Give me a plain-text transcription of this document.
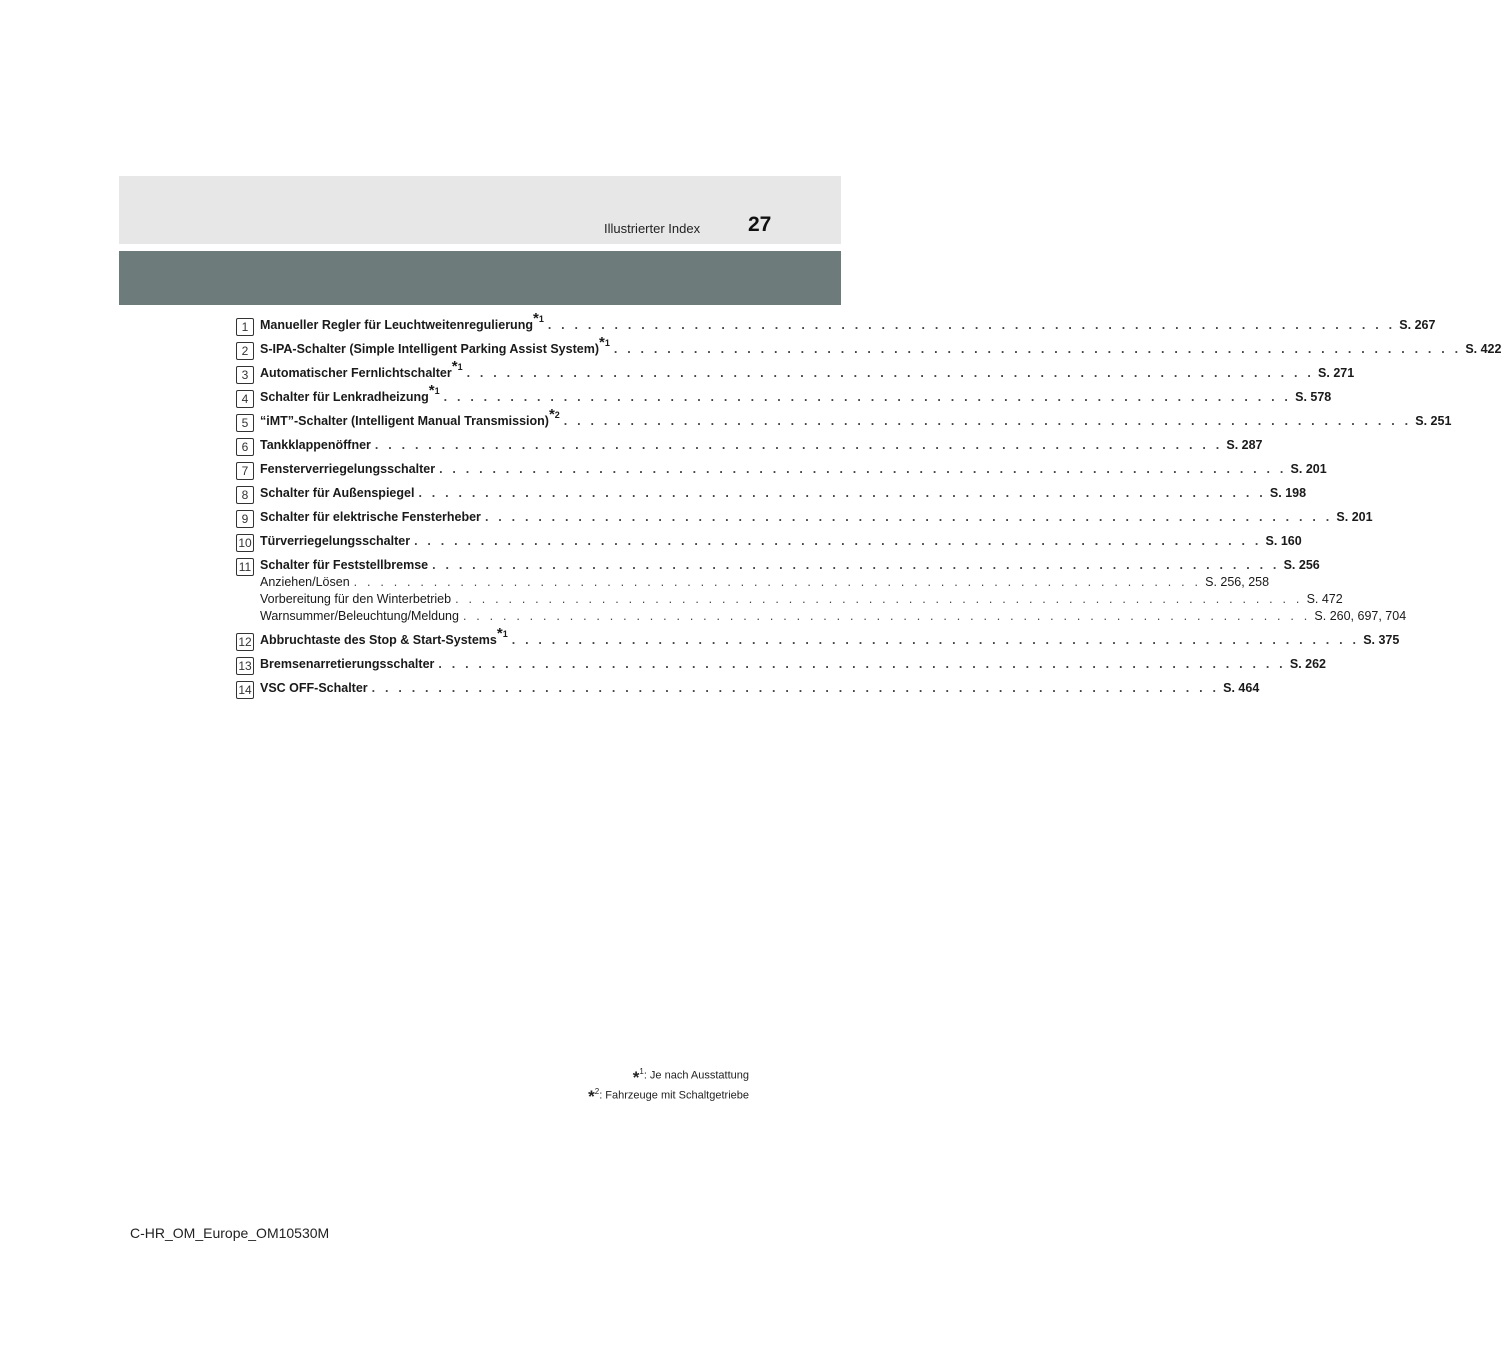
Illustrierter Index 27
1 Manueller Regler für Leuchtweitenregulierung$^{*1}$ . . . . . . . . . . . . . . . . . . . . . . . . . . . . . . . . . . . . . . . . . . . . . . . . . . . . . . . . . . . . . . . . S. 267
2 S-IPA-Schalter (Simple Intelligent Parking Assist System)$^{*1}$ . . . . . . . . . . . . . . . . . . . . . . . . . . . . . . . . . . . . . . . . . . . . . . . . . . . . . . . . . . . . . . . . S. 422
3 Automatischer Fernlichtschalter$^{*1}$ . . . . . . . . . . . . . . . . . . . . . . . . . . . . . . . . . . . . . . . . . . . . . . . . . . . . . . . . . . . . . . . . S. 271
4 Schalter für Lenkradheizung$^{*1}$ . . . . . . . . . . . . . . . . . . . . . . . . . . . . . . . . . . . . . . . . . . . . . . . . . . . . . . . . . . . . . . . . S. 578
5 “iMT”-Schalter (Intelligent Manual Transmission)$^{*2}$ . . . . . . . . . . . . . . . . . . . . . . . . . . . . . . . . . . . . . . . . . . . . . . . . . . . . . . . . . . . . . . . . S. 251
6 Tankklappenöffner . . . . . . . . . . . . . . . . . . . . . . . . . . . . . . . . . . . . . . . . . . . . . . . . . . . . . . . . . . . . . . . . S. 287
7 Fensterverriegelungsschalter . . . . . . . . . . . . . . . . . . . . . . . . . . . . . . . . . . . . . . . . . . . . . . . . . . . . . . . . . . . . . . . . S. 201
8 Schalter für Außenspiegel . . . . . . . . . . . . . . . . . . . . . . . . . . . . . . . . . . . . . . . . . . . . . . . . . . . . . . . . . . . . . . . . S. 198
9 Schalter für elektrische Fensterheber . . . . . . . . . . . . . . . . . . . . . . . . . . . . . . . . . . . . . . . . . . . . . . . . . . . . . . . . . . . . . . . . S. 201
10 Türverriegelungsschalter . . . . . . . . . . . . . . . . . . . . . . . . . . . . . . . . . . . . . . . . . . . . . . . . . . . . . . . . . . . . . . . . S. 160
11 Schalter für Feststellbremse . . . . . . . . . . . . . . . . . . . . . . . . . . . . . . . . . . . . . . . . . . . . . . . . . . . . . . . . . . . . . . . . S. 256
Anziehen/Lösen . . . . . . . . . . . . . . . . . . . . . . . . . . . . . . . . . . . . . . . . . . . . . . . . . . . . . . . . . . . . . . . . S. 256, 258
Vorbereitung für den Winterbetrieb . . . . . . . . . . . . . . . . . . . . . . . . . . . . . . . . . . . . . . . . . . . . . . . . . . . . . . . . . . . . . . . . S. 472
Warnsummer/Beleuchtung/Meldung . . . . . . . . . . . . . . . . . . . . . . . . . . . . . . . . . . . . . . . . . . . . . . . . . . . . . . . . . . . . . . . . S. 260, 697, 704
12 Abbruchtaste des Stop & Start-Systems$^{*1}$ . . . . . . . . . . . . . . . . . . . . . . . . . . . . . . . . . . . . . . . . . . . . . . . . . . . . . . . . . . . . . . . . S. 375
13 Bremsenarretierungsschalter . . . . . . . . . . . . . . . . . . . . . . . . . . . . . . . . . . . . . . . . . . . . . . . . . . . . . . . . . . . . . . . . S. 262
14 VSC OFF-Schalter . . . . . . . . . . . . . . . . . . . . . . . . . . . . . . . . . . . . . . . . . . . . . . . . . . . . . . . . . . . . . . . . S. 464
*$^1$: Je nach Ausstattung
*$^2$: Fahrzeuge mit Schaltgetriebe
C-HR_OM_Europe_OM10530M
